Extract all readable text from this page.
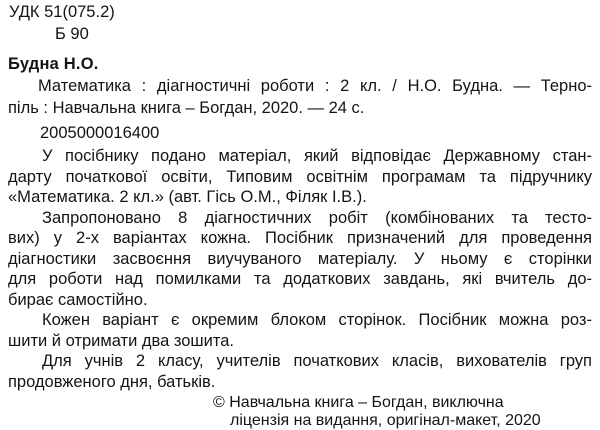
УДК 51(075.2)
Б 90
Будна Н.О.
Математика : діагностичні роботи : 2 кл. / Н.О. Будна. — Терно-
піль : Навчальна книга – Богдан, 2020. — 24 с.
2005000016400
У посібнику подано матеріал, який відповідає Державному стан-
дарту початкової освіти, Типовим освітнім програмам та підручнику
«Математика. 2 кл.» (авт. Гісь О.М., Філяк І.В.).
Запропоновано 8 діагностичних робіт (комбінованих та тесто-
вих) у 2-х варіантах кожна. Посібник призначений для проведення
діагностики засвоєння виучуваного матеріалу. У ньому є сторінки
для роботи над помилками та додаткових завдань, які вчитель до-
бирає самостійно.
Кожен варіант є окремим блоком сторінок. Посібник можна роз-
шити й отримати два зошита.
Для учнів 2 класу, учителів початкових класів, вихователів груп
продовженого дня, батьків.
© Навчальна книга – Богдан, виключна
ліцензія на видання, оригінал-макет, 2020
